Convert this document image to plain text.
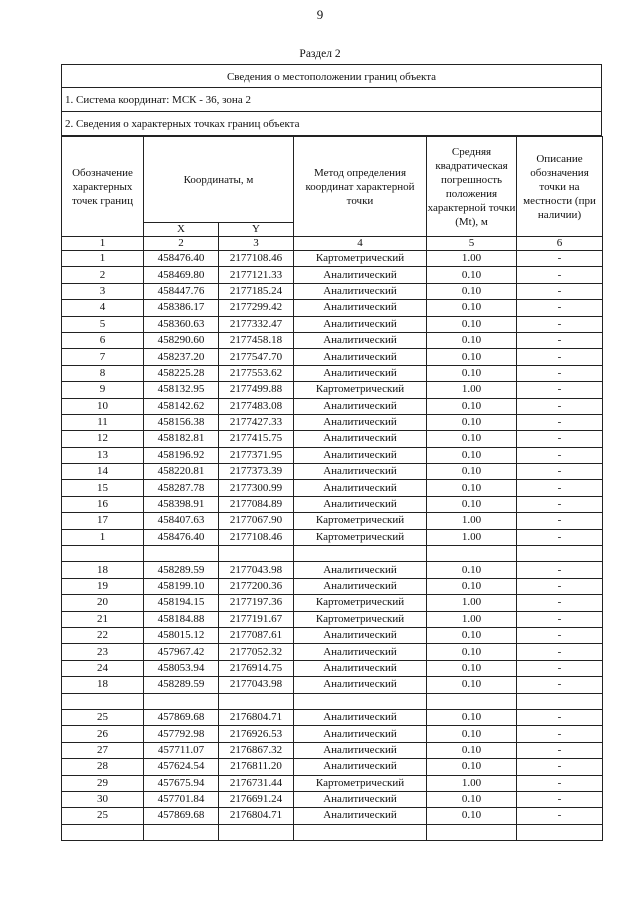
9
Раздел 2
Сведения о местоположении границ объекта
1. Система координат: МСК - 36, зона 2
2. Сведения о характерных точках границ объекта
Обозначение характерных точек границ	Координаты, м		Метод определения координат характерной точки	Средняя квадратическая погрешность положения характерной точки (Mt), м	Описание обозначения точки на местности (при наличии)
	X	Y			
1	2	3	4	5	6
1	458476.40	2177108.46	Картометрический	1.00	-
2	458469.80	2177121.33	Аналитический	0.10	-
3	458447.76	2177185.24	Аналитический	0.10	-
4	458386.17	2177299.42	Аналитический	0.10	-
5	458360.63	2177332.47	Аналитический	0.10	-
6	458290.60	2177458.18	Аналитический	0.10	-
7	458237.20	2177547.70	Аналитический	0.10	-
8	458225.28	2177553.62	Аналитический	0.10	-
9	458132.95	2177499.88	Картометрический	1.00	-
10	458142.62	2177483.08	Аналитический	0.10	-
11	458156.38	2177427.33	Аналитический	0.10	-
12	458182.81	2177415.75	Аналитический	0.10	-
13	458196.92	2177371.95	Аналитический	0.10	-
14	458220.81	2177373.39	Аналитический	0.10	-
15	458287.78	2177300.99	Аналитический	0.10	-
16	458398.91	2177084.89	Аналитический	0.10	-
17	458407.63	2177067.90	Картометрический	1.00	-
1	458476.40	2177108.46	Картометрический	1.00	-

18	458289.59	2177043.98	Аналитический	0.10	-
19	458199.10	2177200.36	Аналитический	0.10	-
20	458194.15	2177197.36	Картометрический	1.00	-
21	458184.88	2177191.67	Картометрический	1.00	-
22	458015.12	2177087.61	Аналитический	0.10	-
23	457967.42	2177052.32	Аналитический	0.10	-
24	458053.94	2176914.75	Аналитический	0.10	-
18	458289.59	2177043.98	Аналитический	0.10	-

25	457869.68	2176804.71	Аналитический	0.10	-
26	457792.98	2176926.53	Аналитический	0.10	-
27	457711.07	2176867.32	Аналитический	0.10	-
28	457624.54	2176811.20	Аналитический	0.10	-
29	457675.94	2176731.44	Картометрический	1.00	-
30	457701.84	2176691.24	Аналитический	0.10	-
25	457869.68	2176804.71	Аналитический	0.10	-
